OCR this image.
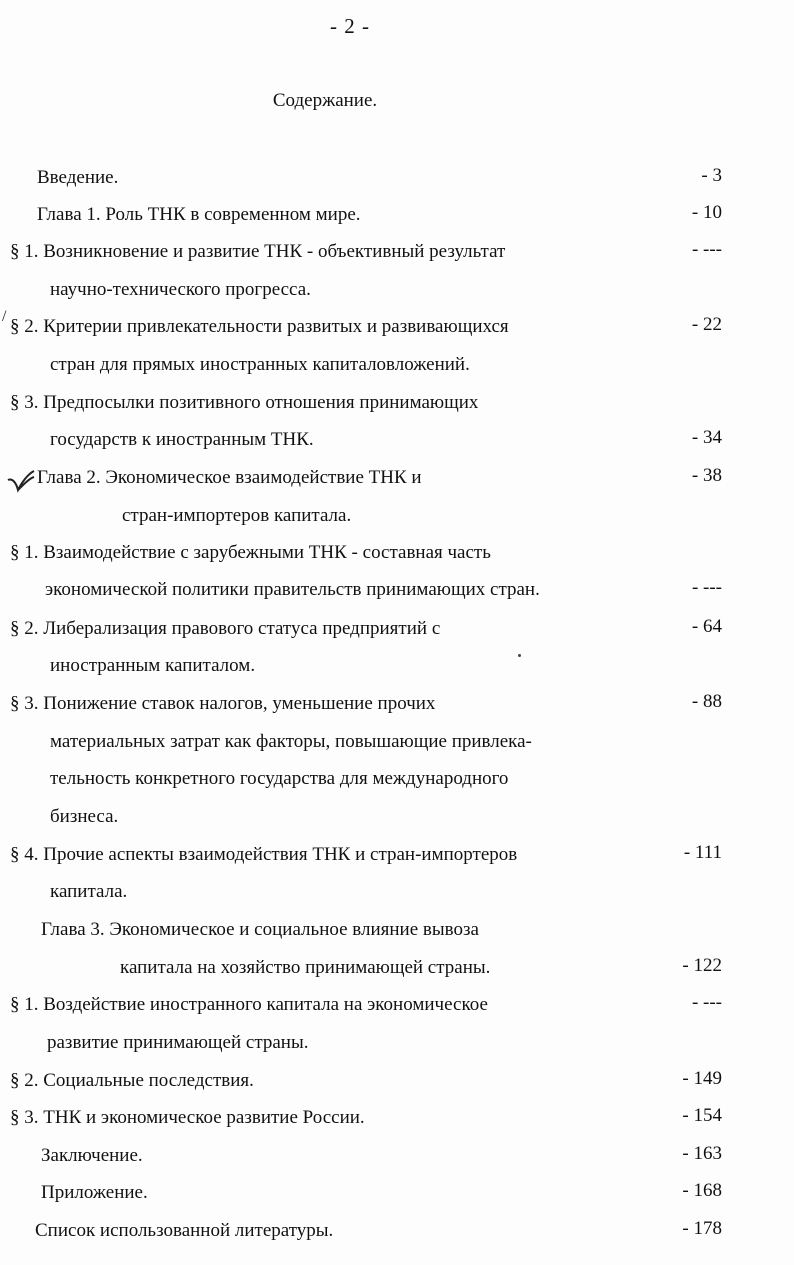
- 2 -
Содержание.
Введение.	- 3
Глава 1. Роль ТНК в современном мире.	- 10
§ 1. Возникновение и развитие ТНК - объективный результат
научно-технического прогресса.
- ---
/ § 2. Критерии привлекательности развитых и развивающихся
стран для прямых иностранных капиталовложений.
- 22
§ 3. Предпосылки позитивного отношения принимающих
государств к иностранным ТНК.	- 34
Глава 2. Экономическое взаимодействие ТНК и
стран-импортеров капитала.
- 38
§ 1. Взаимодействие с зарубежными ТНК - составная часть
экономической политики правительств принимающих стран.	- ---
§ 2. Либерализация правового статуса предприятий с
иностранным капиталом.
- 64
§ 3. Понижение ставок налогов, уменьшение прочих
материальных затрат как факторы, повышающие привлека-
тельность конкретного государства для международного
бизнеса.
- 88
§ 4. Прочие аспекты взаимодействия ТНК и стран-импортеров
капитала.
- 111
Глава 3. Экономическое и социальное влияние вывоза
капитала на хозяйство принимающей страны.	- 122
§ 1. Воздействие иностранного капитала на экономическое
развитие принимающей страны.
- ---
§ 2. Социальные последствия.	- 149
§ 3. ТНК и экономическое развитие России.	- 154
Заключение.	- 163
Приложение.	- 168
Список использованной литературы.	- 178
